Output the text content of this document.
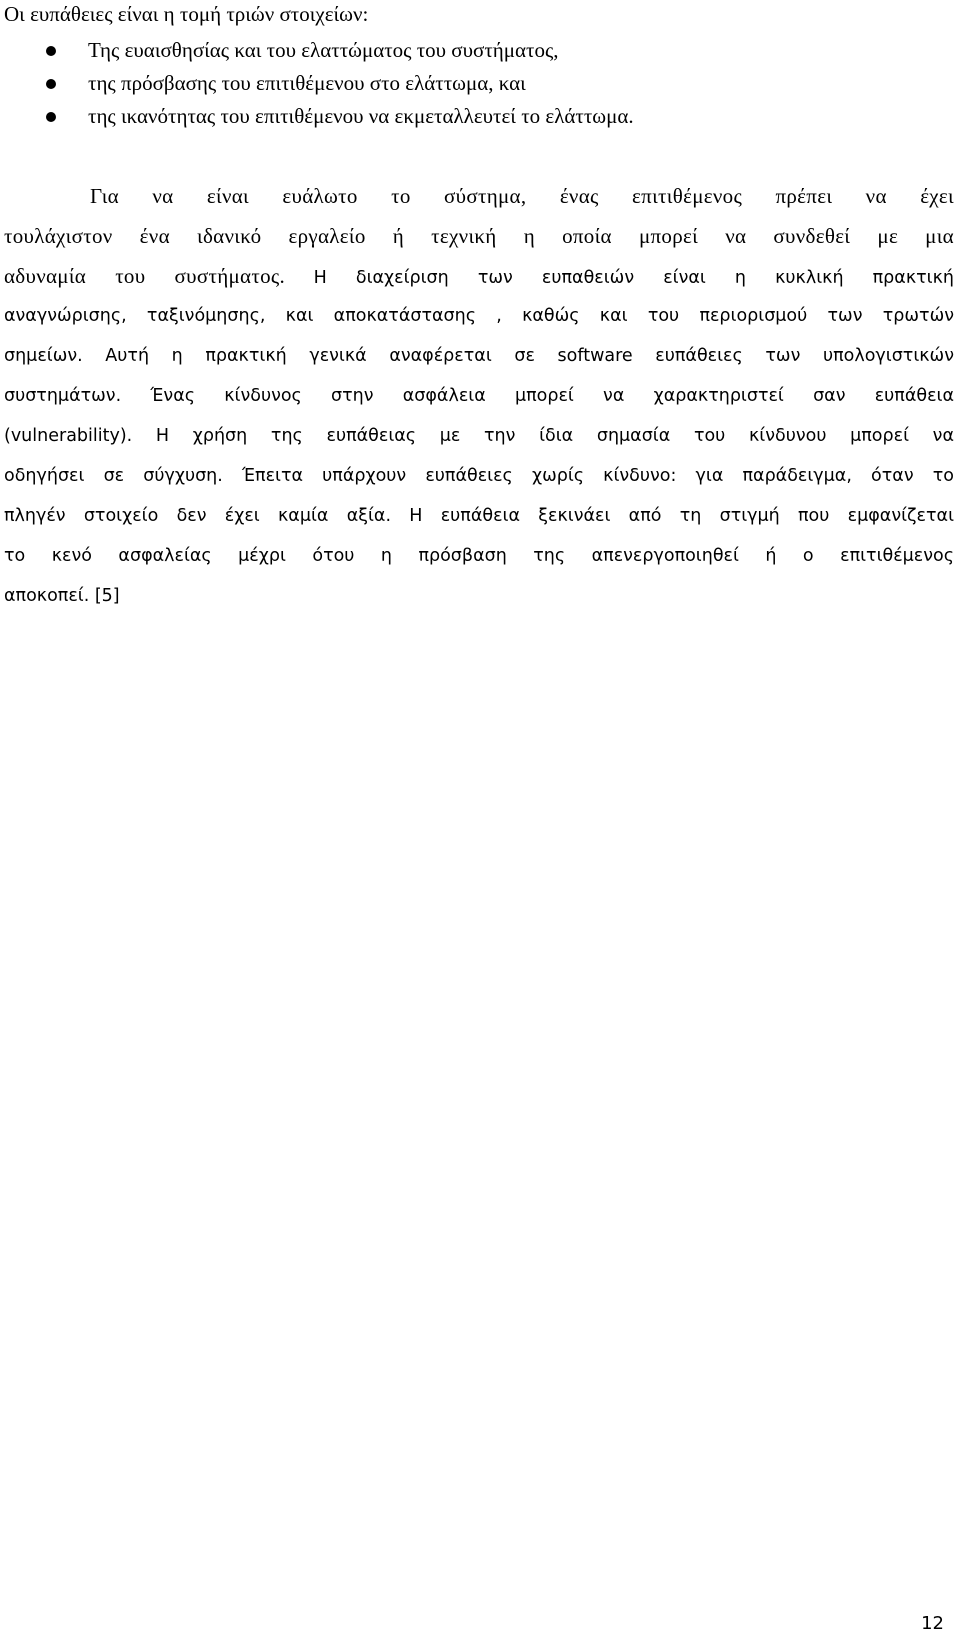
Οι ευπάθειες είναι η τομή τριών στοιχείων:

Της ευαισθησίας και του ελαττώματος του συστήματος,
της πρόσβασης του επιτιθέμενου στο ελάττωμα, και
της ικανότητας του επιτιθέμενου να εκμεταλλευτεί το ελάττωμα.
Για να είναι ευάλωτο το σύστημα, ένας επιτιθέμενος πρέπει να έχει
τουλάχιστον ένα ιδανικό εργαλείο ή τεχνική η οποία μπορεί να συνδεθεί με μια
αδυναμία του συστήματος. Η διαχείριση των ευπαθειών είναι η κυκλική πρακτική
αναγνώρισης, ταξινόμησης, και αποκατάστασης , καθώς και του περιορισμού των τρωτών
σημείων. Αυτή η πρακτική γενικά αναφέρεται σε software ευπάθειες των υπολογιστικών
συστημάτων. Ένας κίνδυνος στην ασφάλεια μπορεί να χαρακτηριστεί σαν ευπάθεια
(vulnerability). Η χρήση της ευπάθειας με την ίδια σημασία του κίνδυνου μπορεί να
οδηγήσει σε σύγχυση. Έπειτα υπάρχουν ευπάθειες χωρίς κίνδυνο: για παράδειγμα, όταν το
πληγέν στοιχείο δεν έχει καμία αξία. Η ευπάθεια ξεκινάει από τη στιγμή που εμφανίζεται
το κενό ασφαλείας μέχρι ότου η πρόσβαση της απενεργοποιηθεί ή ο επιτιθέμενος
αποκοπεί. [5]
12
